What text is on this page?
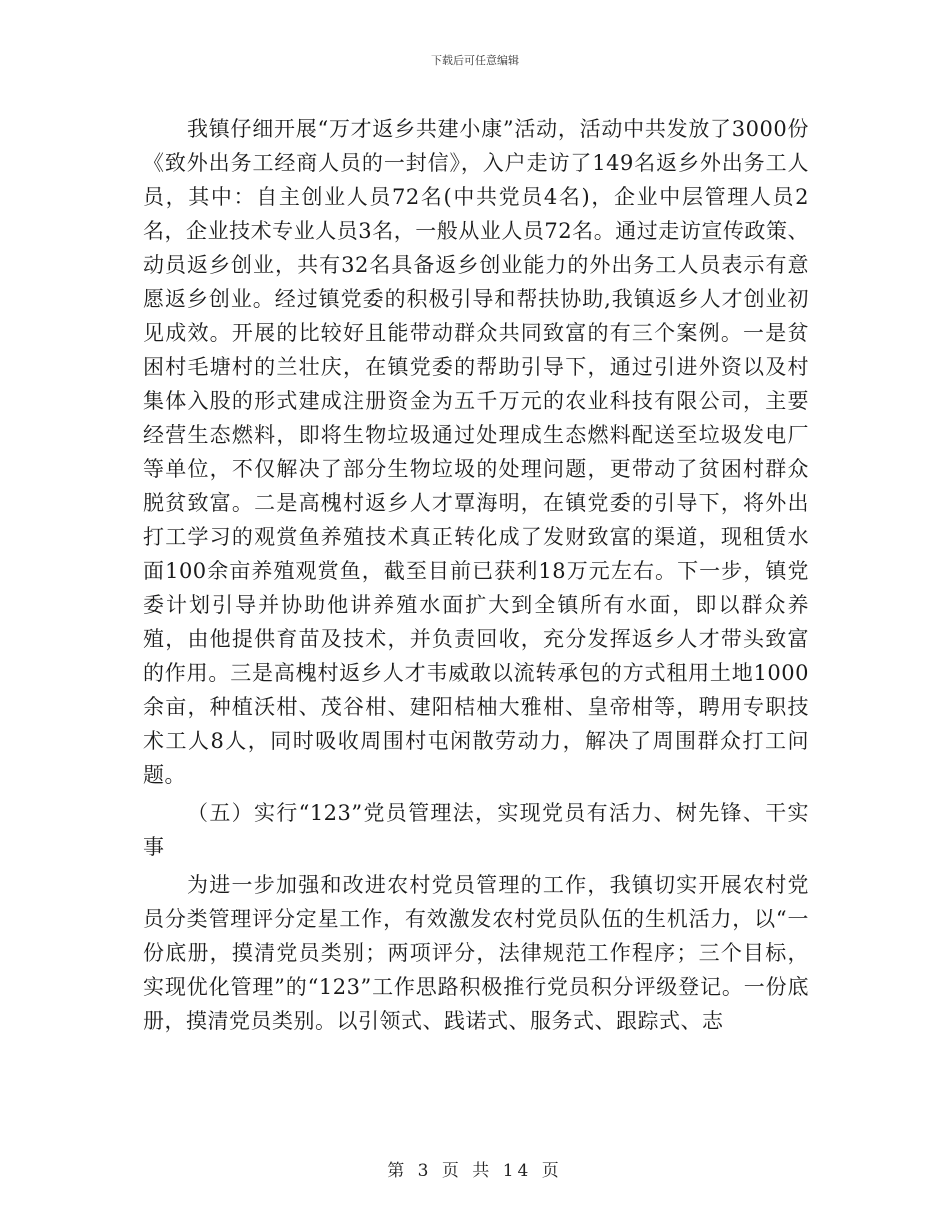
下载后可任意编辑

我镇仔细开展“万才返乡共建小康”活动，活动中共发放了3000份《致外出务工经商人员的一封信》，入户走访了149名返乡外出务工人员，其中：自主创业人员72名(中共党员4名)，企业中层管理人员2名，企业技术专业人员3名，一般从业人员72名。通过走访宣传政策、动员返乡创业，共有32名具备返乡创业能力的外出务工人员表示有意愿返乡创业。经过镇党委的积极引导和帮扶协助,我镇返乡人才创业初见成效。开展的比较好且能带动群众共同致富的有三个案例。一是贫困村毛塘村的兰壮庆，在镇党委的帮助引导下，通过引进外资以及村集体入股的形式建成注册资金为五千万元的农业科技有限公司，主要经营生态燃料，即将生物垃圾通过处理成生态燃料配送至垃圾发电厂等单位，不仅解决了部分生物垃圾的处理问题，更带动了贫困村群众脱贫致富。二是高槐村返乡人才覃海明，在镇党委的引导下，将外出打工学习的观赏鱼养殖技术真正转化成了发财致富的渠道，现租赁水面100余亩养殖观赏鱼，截至目前已获利18万元左右。下一步，镇党委计划引导并协助他讲养殖水面扩大到全镇所有水面，即以群众养殖，由他提供育苗及技术，并负责回收，充分发挥返乡人才带头致富的作用。三是高槐村返乡人才韦威敢以流转承包的方式租用土地1000余亩，种植沃柑、茂谷柑、建阳桔柚大雅柑、皇帝柑等，聘用专职技术工人8人，同时吸收周围村屯闲散劳动力，解决了周围群众打工问题。

（五）实行“123”党员管理法，实现党员有活力、树先锋、干实事

为进一步加强和改进农村党员管理的工作，我镇切实开展农村党员分类管理评分定星工作，有效激发农村党员队伍的生机活力，以“一份底册，摸清党员类别；两项评分，法律规范工作程序；三个目标，实现优化管理”的“123”工作思路积极推行党员积分评级登记。一份底册，摸清党员类别。以引领式、践诺式、服务式、跟踪式、志

第 3 页 共 14 页
